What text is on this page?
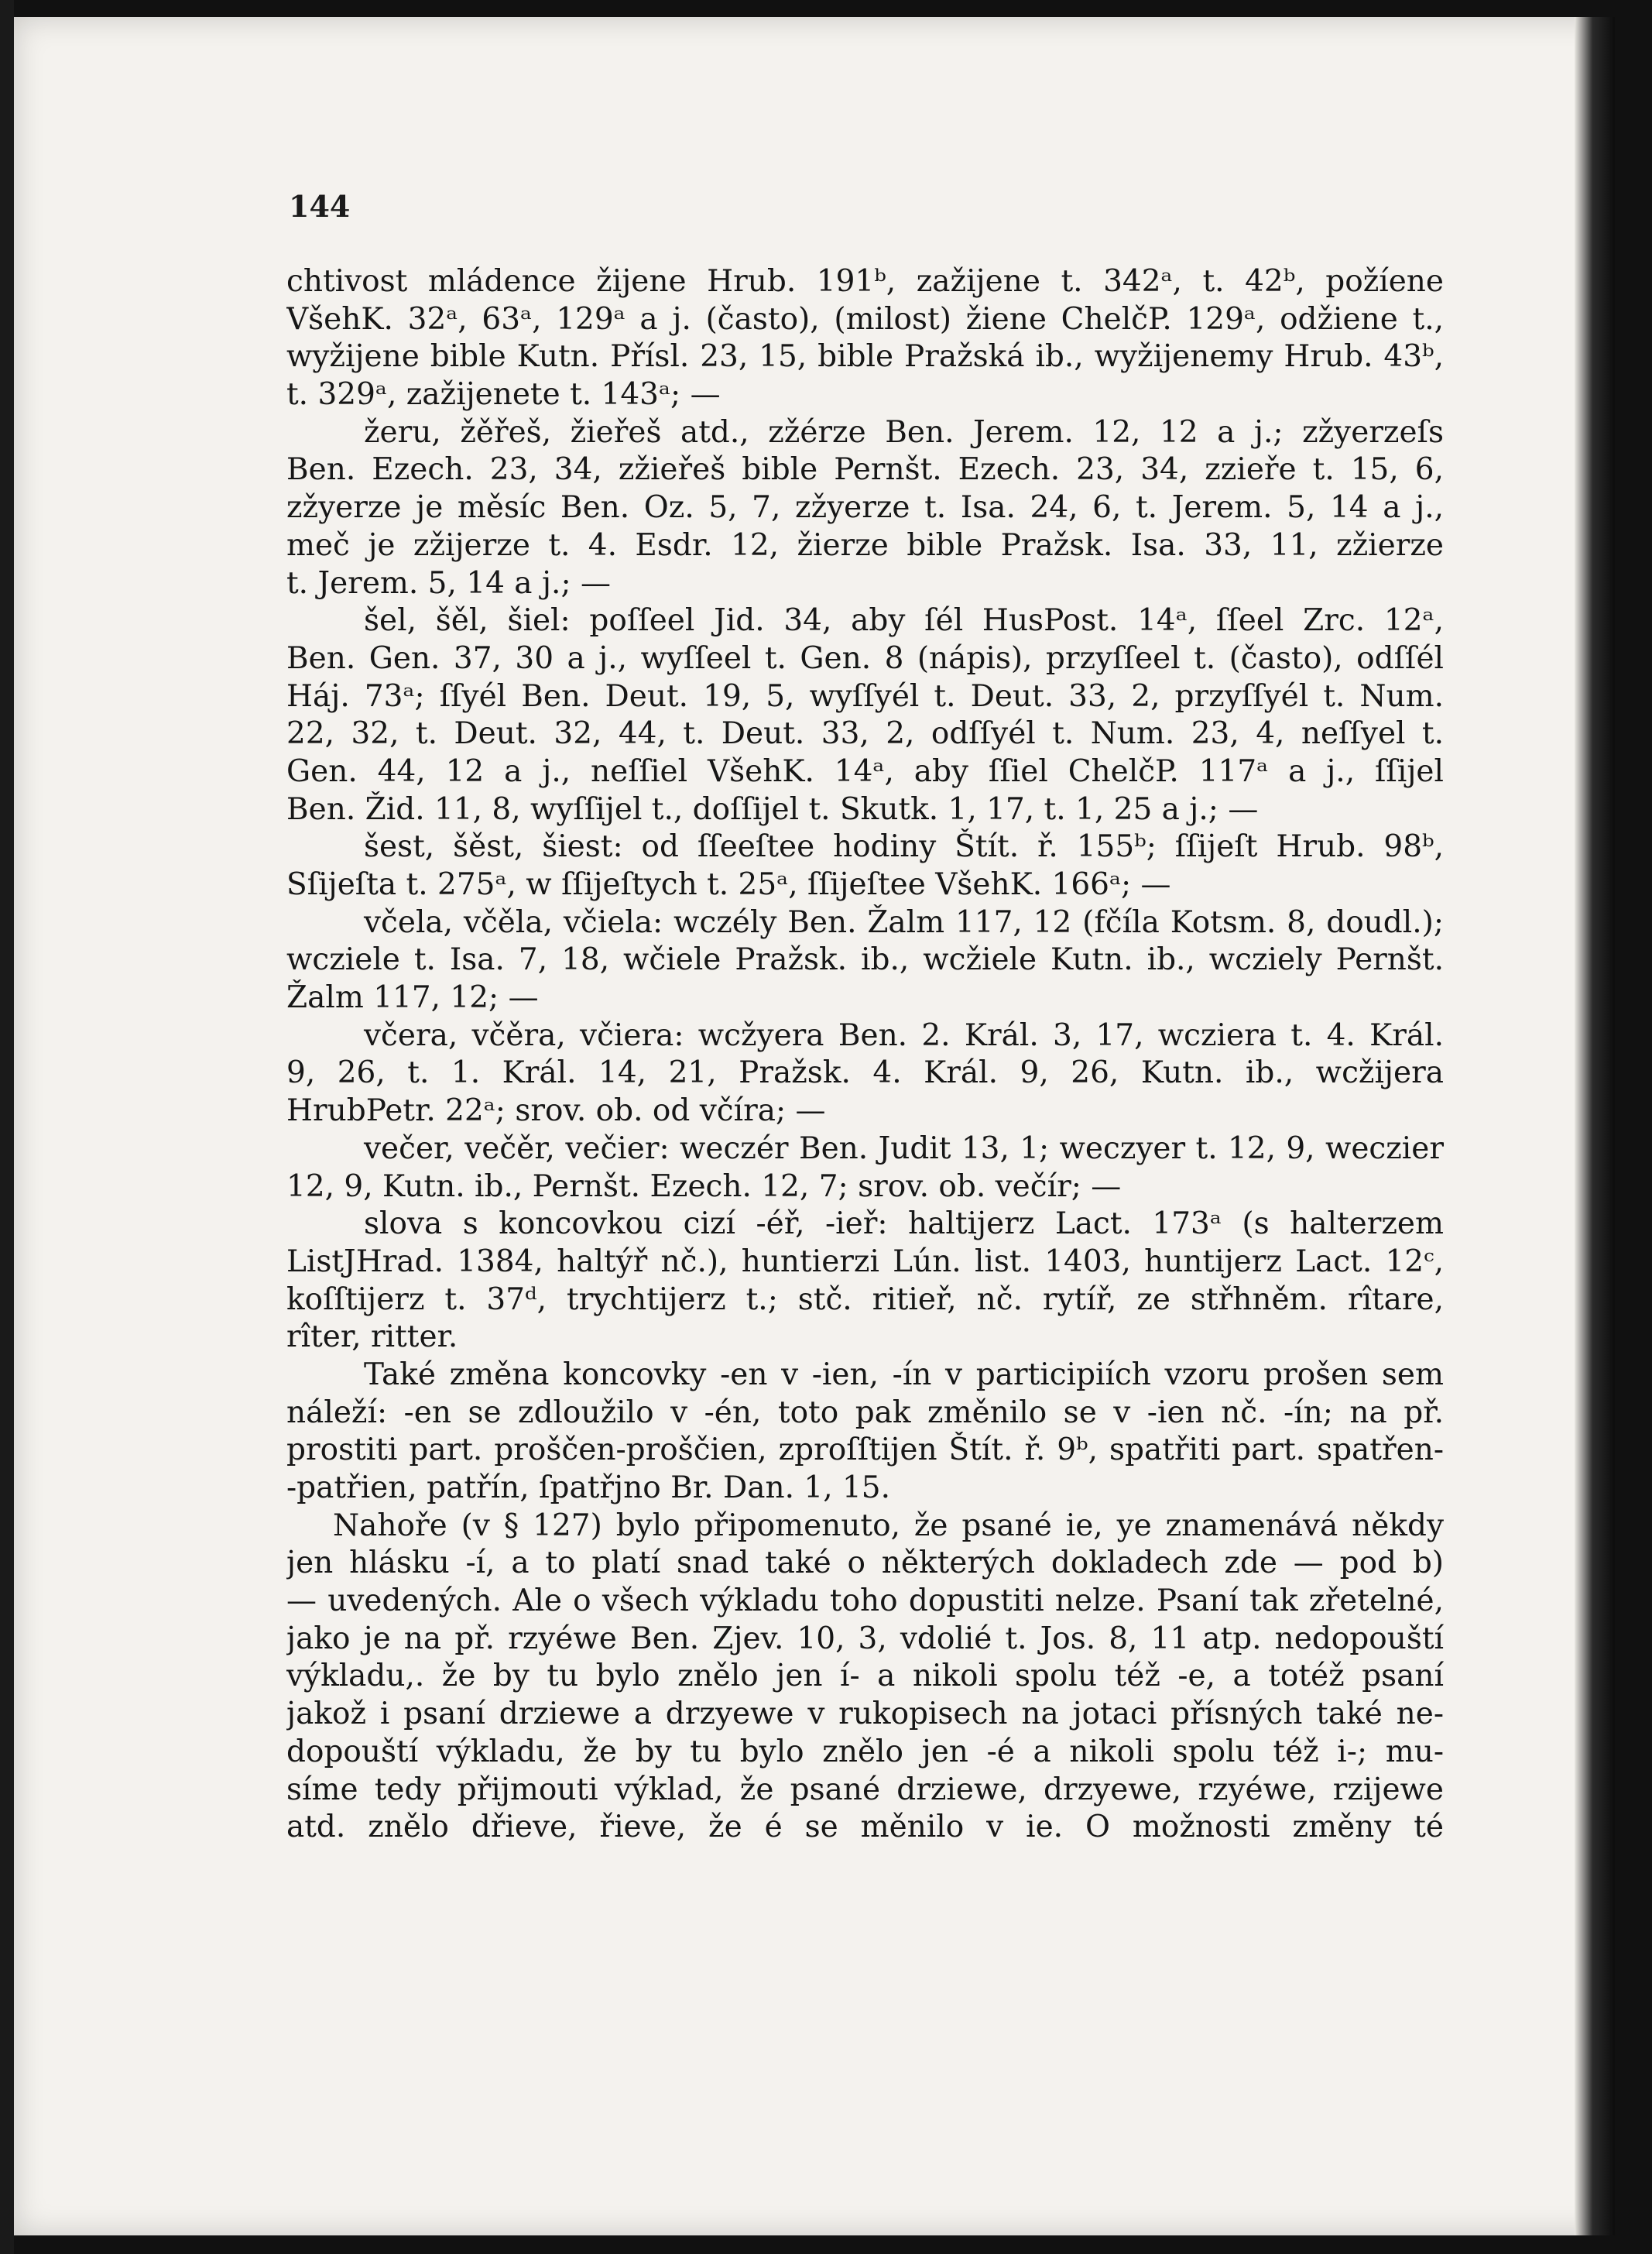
144
chtivost mládence žijene Hrub. 191ᵇ, zažijene t. 342ᵃ, t. 42ᵇ, požíene
VšehK. 32ᵃ, 63ᵃ, 129ᵃ a j. (často), (milost) žiene ChelčP. 129ᵃ, odžiene t.,
wyžijene bible Kutn. Přísl. 23, 15, bible Pražská ib., wyžijenemy Hrub. 43ᵇ,
t. 329ᵃ, zažijenete t. 143ᵃ; —
žeru, žěřeš, žieřeš atd., zžérze Ben. Jerem. 12, 12 a j.; zžyerzeſs
Ben. Ezech. 23, 34, zžieřeš bible Pernšt. Ezech. 23, 34, zzieře t. 15, 6,
zžyerze je měsíc Ben. Oz. 5, 7, zžyerze t. Isa. 24, 6, t. Jerem. 5, 14 a j.,
meč je zžijerze t. 4. Esdr. 12, žierze bible Pražsk. Isa. 33, 11, zžierze
t. Jerem. 5, 14 a j.; —
šel, šěl, šiel: poſſeel Jid. 34, aby ſél HusPost. 14ᵃ, ſſeel Zrc. 12ᵃ,
Ben. Gen. 37, 30 a j., wyſſeel t. Gen. 8 (nápis), przyſſeel t. (často), odſſél
Háj. 73ᵃ; ſſyél Ben. Deut. 19, 5, wyſſyél t. Deut. 33, 2, przyſſyél t. Num.
22, 32, t. Deut. 32, 44, t. Deut. 33, 2, odſſyél t. Num. 23, 4, neſſyel t.
Gen. 44, 12 a j., neſſiel VšehK. 14ᵃ, aby ſſiel ChelčP. 117ᵃ a j., ſſijel
Ben. Žid. 11, 8, wyſſijel t., doſſijel t. Skutk. 1, 17, t. 1, 25 a j.; —
šest, šěst, šiest: od ſſeeſtee hodiny Štít. ř. 155ᵇ; ſſijeſt Hrub. 98ᵇ,
Sſijeſta t. 275ᵃ, w ſſijeſtych t. 25ᵃ, ſſijeſtee VšehK. 166ᵃ; —
včela, včěla, včiela: wczély Ben. Žalm 117, 12 (fčíla Kotsm. 8, doudl.);
wcziele t. Isa. 7, 18, wčiele Pražsk. ib., wcžiele Kutn. ib., wcziely Pernšt.
Žalm 117, 12; —
včera, včěra, včiera: wcžyera Ben. 2. Král. 3, 17, wcziera t. 4. Král.
9, 26, t. 1. Král. 14, 21, Pražsk. 4. Král. 9, 26, Kutn. ib., wcžijera
HrubPetr. 22ᵃ; srov. ob. od včíra; —
večer, večěr, večier: weczér Ben. Judit 13, 1; weczyer t. 12, 9, weczier
12, 9, Kutn. ib., Pernšt. Ezech. 12, 7; srov. ob. večír; —
slova s koncovkou cizí -éř, -ieř: haltijerz Lact. 173ᵃ (s halterzem
ListJHrad. 1384, haltýř nč.), huntierzi Lún. list. 1403, huntijerz Lact. 12ᶜ,
koſſtijerz t. 37ᵈ, trychtijerz t.; stč. ritieř, nč. rytíř, ze střhněm. rîtare,
rîter, ritter.
Také změna koncovky -en v -ien, -ín v participiích vzoru prošen sem
náleží: -en se zdloužilo v -én, toto pak změnilo se v -ien nč. -ín; na př.
prostiti part. proščen-proščien, zproſſtijen Štít. ř. 9ᵇ, spatřiti part. spatřen-
-patřien, patřín, ſpatřjno Br. Dan. 1, 15.
Nahoře (v § 127) bylo připomenuto, že psané ie, ye znamenává někdy
jen hlásku -í, a to platí snad také o některých dokladech zde — pod b)
— uvedených. Ale o všech výkladu toho dopustiti nelze. Psaní tak zřetelné,
jako je na př. rzyéwe Ben. Zjev. 10, 3, vdolié t. Jos. 8, 11 atp. nedopouští
výkladu,. že by tu bylo znělo jen í- a nikoli spolu též -e, a totéž psaní
jakož i psaní drziewe a drzyewe v rukopisech na jotaci přísných také ne-
dopouští výkladu, že by tu bylo znělo jen -é a nikoli spolu též i-; mu-
síme tedy přijmouti výklad, že psané drziewe, drzyewe, rzyéwe, rzijewe
atd. znělo dřieve, řieve, že é se měnilo v ie. O možnosti změny té
